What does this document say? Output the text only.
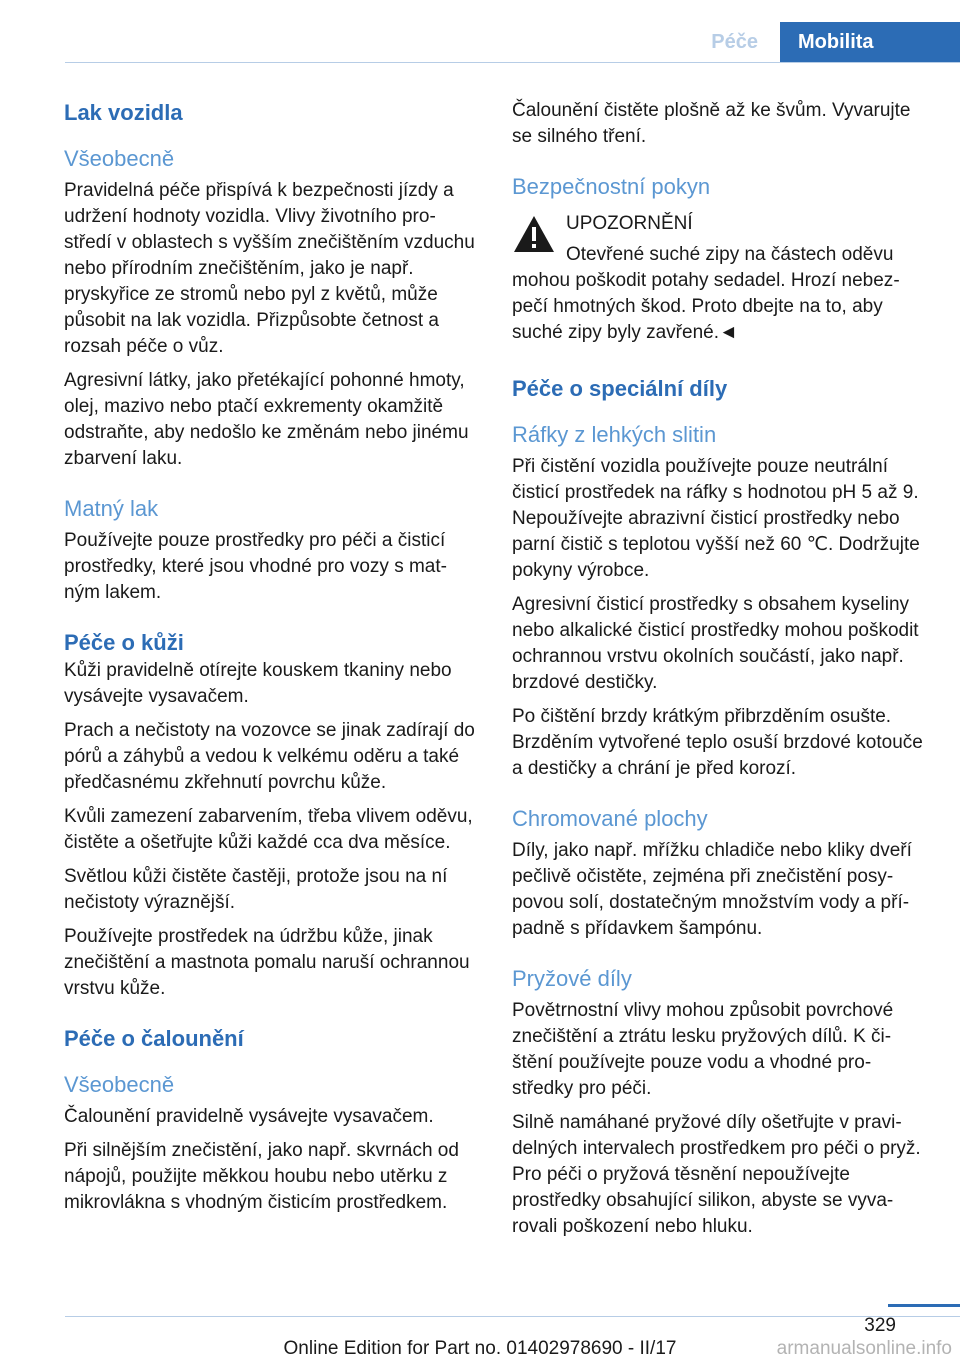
Péče	Mobilita
Lak vozidla
Všeobecně

Pravidelná péče přispívá k bezpečnosti jízdy a udržení hodnoty vozidla. Vlivy životního prostředí v oblastech s vyšším znečištěním vzduchu nebo přírodním znečištěním, jako je např. pryskyřice ze stromů nebo pyl z květů, může působit na lak vozidla. Přizpůsobte četnost a rozsah péče o vůz.

Agresivní látky, jako přetékající pohonné hmoty, olej, mazivo nebo ptačí exkrementy okamžitě odstraňte, aby nedošlo ke změnám nebo jinému zbarvení laku.

Matný lak

Používejte pouze prostředky pro péči a čisticí prostředky, které jsou vhodné pro vozy s matným lakem.

Péče o kůži

Kůži pravidelně otírejte kouskem tkaniny nebo vysávejte vysavačem.

Prach a nečistoty na vozovce se jinak zadírají do pórů a záhybů a vedou k velkému oděru a také předčasnému zkřehnutí povrchu kůže.

Kvůli zamezení zabarvením, třeba vlivem oděvu, čistěte a ošetřujte kůži každé cca dva měsíce.

Světlou kůži čistěte častěji, protože jsou na ní nečistoty výraznější.

Používejte prostředek na údržbu kůže, jinak znečištění a mastnota pomalu naruší ochrannou vrstvu kůže.

Péče o čalounění
Všeobecně

Čalounění pravidelně vysávejte vysavačem.

Při silnějším znečistění, jako např. skvrnách od nápojů, použijte měkkou houbu nebo utěrku z mikrovlákna s vhodným čisticím prostředkem.

Čalounění čistěte plošně až ke švům. Vyvarujte se silného tření.

Bezpečnostní pokyn
UPOZORNĚNÍ
Otevřené suché zipy na částech oděvu mohou poškodit potahy sedadel. Hrozí nebezpečí hmotných škod. Proto dbejte na to, aby suché zipy byly zavřené.◄
Péče o speciální díly
Ráfky z lehkých slitin

Při čistění vozidla používejte pouze neutrální čisticí prostředek na ráfky s hodnotou pH 5 až 9. Nepoužívejte abrazivní čisticí prostředky nebo parní čistič s teplotou vyšší než 60 ℃. Dodržujte pokyny výrobce.

Agresivní čisticí prostředky s obsahem kyseliny nebo alkalické čisticí prostředky mohou poškodit ochrannou vrstvu okolních součástí, jako např. brzdové destičky.

Po čištění brzdy krátkým přibrzděním osušte. Brzděním vytvořené teplo osuší brzdové kotouče a destičky a chrání je před korozí.

Chromované plochy

Díly, jako např. mřížku chladiče nebo kliky dveří pečlivě očistěte, zejména při znečistění posypovou solí, dostatečným množstvím vody a případně s přídavkem šampónu.

Pryžové díly

Povětrnostní vlivy mohou způsobit povrchové znečištění a ztrátu lesku pryžových dílů. K čištění používejte pouze vodu a vhodné prostředky pro péči.

Silně namáhané pryžové díly ošetřujte v pravidelných intervalech prostředkem pro péči o pryž. Pro péči o pryžová těsnění nepoužívejte prostředky obsahující silikon, abyste se vyvarovali poškození nebo hluku.

329
Online Edition for Part no. 01402978690 - II/17	armanualsonline.info
